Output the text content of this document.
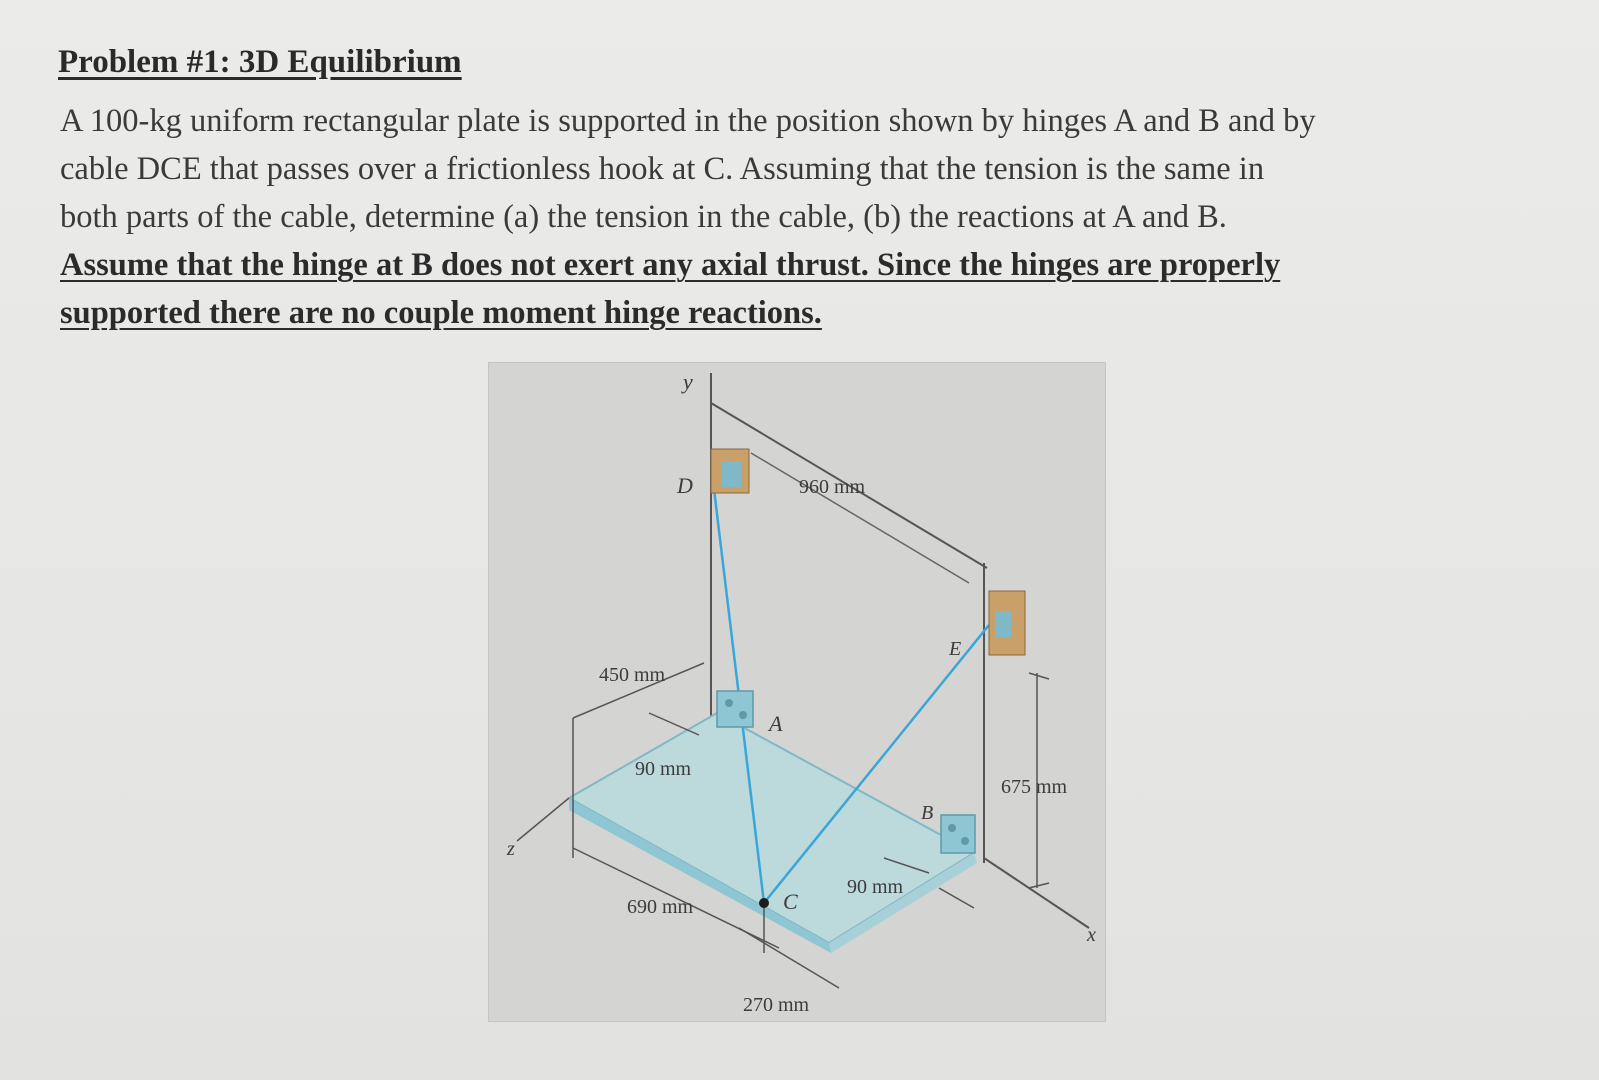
Problem #1: 3D Equilibrium
A 100-kg uniform rectangular plate is supported in the position shown by hinges A and B and by
cable DCE that passes over a frictionless hook at C. Assuming that the tension is the same in
both parts of the cable, determine (a) the tension in the cable, (b) the reactions at A and B.
Assume that the hinge at B does not exert any axial thrust. Since the hinges are properly
supported there are no couple moment hinge reactions.
y
D	960 mm
E
450 mm
A
90 mm
675 mm
B
z
690 mm	C
90 mm
x
270 mm
